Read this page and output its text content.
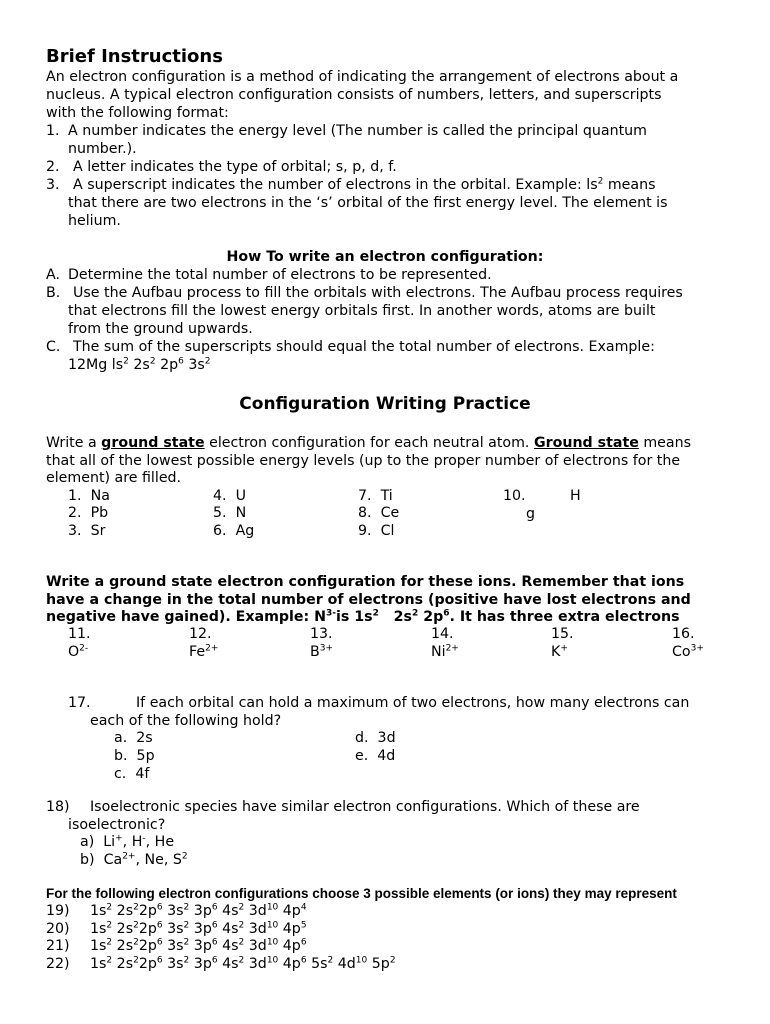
Brief Instructions
An electron configuration is a method of indicating the arrangement of electrons about a
nucleus. A typical electron configuration consists of numbers, letters, and superscripts
with the following format:
1. A number indicates the energy level (The number is called the principal quantum
number.).
2. A letter indicates the type of orbital; s, p, d, f.
3. A superscript indicates the number of electrons in the orbital. Example: $ls^2$ means
that there are two electrons in the ‘s’ orbital of the first energy level. The element is
helium.
How To write an electron configuration:
A. Determine the total number of electrons to be represented.
B. Use the Aufbau process to fill the orbitals with electrons. The Aufbau process requires
that electrons fill the lowest energy orbitals first. In another words, atoms are built
from the ground upwards.
C. The sum of the superscripts should equal the total number of electrons. Example:
12Mg $ls^2$ $2s^2$ $2p^6$ $3s^2$
Configuration Writing Practice
Write a ground state electron configuration for each neutral atom. Ground state means
that all of the lowest possible energy levels (up to the proper number of electrons for the
element) are filled.
1. Na
2. Pb
3. Sr
4. U
5. N
6. Ag
7. Ti
8. Ce
9. Cl
10.	H
g
Write a ground state electron configuration for these ions. Remember that ions
have a change in the total number of electrons (positive have lost electrons and
negative have gained). Example: $N^{3-}is$ $1s^2$   $2s^2$ $2p^6$. It has three extra electrons
11.
$O^{2-}$
12.
$Fe^{2+}$
13.
$B^{3+}$
14.
$Ni^{2+}$
15.
K+
16.
$Co^{3+}$
17.	If each orbital can hold a maximum of two electrons, how many electrons can
each of the following hold?
a. 2s
b. 5p
c. 4f
d. 3d
e. 4d
18) Isoelectronic species have similar electron configurations. Which of these are
isoelectronic?
a) Li+, H-, He
b) $Ca^{2+}$, Ne, $S^2$
For the following electron configurations choose 3 possible elements (or ions) they may represent
19) $1s^2$ $2s^22p^6$ $3s^2$ $3p^6$ $4s^2$ $3d^{10}$ $4p^4$
20) $1s^2$ $2s^22p^6$ $3s^2$ $3p^6$ $4s^2$ $3d^{10}$ $4p^5$
21) $1s^2$ $2s^22p^6$ $3s^2$ $3p^6$ $4s^2$ $3d^{10}$ $4p^6$
22) $1s^2$ $2s^22p^6$ $3s^2$ $3p^6$ $4s^2$ $3d^{10}$ $4p^6$ $5s^2$ $4d^{10}$ $5p^2$
